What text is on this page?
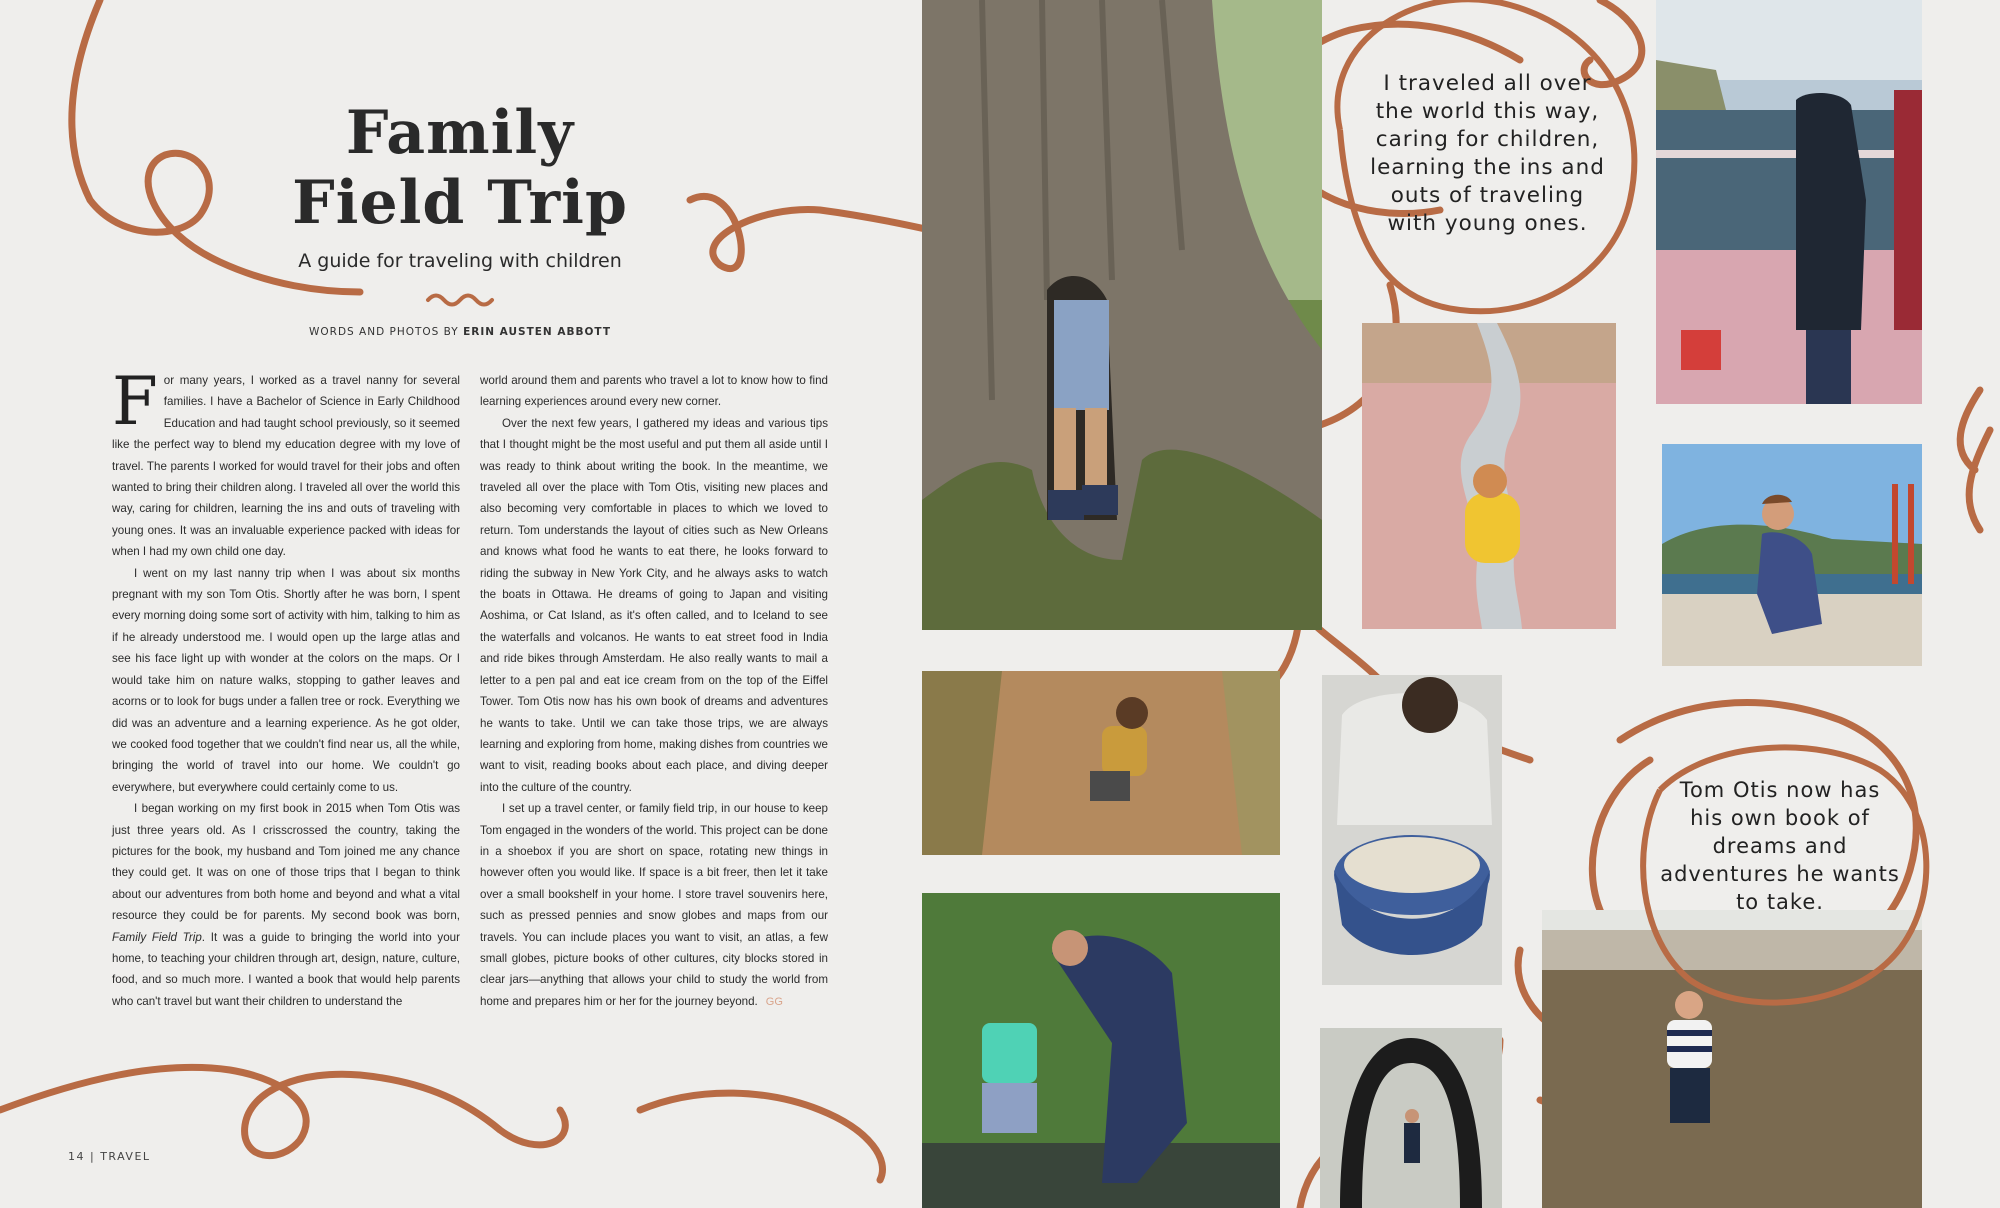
Family
Field Trip
A guide for traveling with children
WORDS AND PHOTOS BY ERIN AUSTEN ABBOTT

For many years, I worked as a travel nanny for several families. I have a Bachelor of Science in Early Childhood Education and had taught school previously, so it seemed like the perfect way to blend my education degree with my love of travel. The parents I worked for would travel for their jobs and often wanted to bring their children along. I traveled all over the world this way, caring for children, learning the ins and outs of traveling with young ones. It was an invaluable experience packed with ideas for when I had my own child one day.

I went on my last nanny trip when I was about six months pregnant with my son Tom Otis. Shortly after he was born, I spent every morning doing some sort of activity with him, talking to him as if he already understood me. I would open up the large atlas and see his face light up with wonder at the colors on the maps. Or I would take him on nature walks, stopping to gather leaves and acorns or to look for bugs under a fallen tree or rock. Everything we did was an adventure and a learning experience. As he got older, we cooked food together that we couldn't find near us, all the while, bringing the world of travel into our home. We couldn't go everywhere, but everywhere could certainly come to us.

I began working on my first book in 2015 when Tom Otis was just three years old. As I crisscrossed the country, taking the pictures for the book, my husband and Tom joined me any chance they could get. It was on one of those trips that I began to think about our adventures from both home and beyond and what a vital resource they could be for parents. My second book was born, Family Field Trip. It was a guide to bringing the world into your home, to teaching your children through art, design, nature, culture, food, and so much more. I wanted a book that would help parents who can't travel but want their children to understand the

world around them and parents who travel a lot to know how to find learning experiences around every new corner.

Over the next few years, I gathered my ideas and various tips that I thought might be the most useful and put them all aside until I was ready to think about writing the book. In the meantime, we traveled all over the place with Tom Otis, visiting new places and also becoming very comfortable in places to which we loved to return. Tom understands the layout of cities such as New Orleans and knows what food he wants to eat there, he looks forward to riding the subway in New York City, and he always asks to watch the boats in Ottawa. He dreams of going to Japan and visiting Aoshima, or Cat Island, as it's often called, and to Iceland to see the waterfalls and volcanos. He wants to eat street food in India and ride bikes through Amsterdam. He also really wants to mail a letter to a pen pal and eat ice cream from on the top of the Eiffel Tower. Tom Otis now has his own book of dreams and adventures he wants to take. Until we can take those trips, we are always learning and exploring from home, making dishes from countries we want to visit, reading books about each place, and diving deeper into the culture of the country.

I set up a travel center, or family field trip, in our house to keep Tom engaged in the wonders of the world. This project can be done in a shoebox if you are short on space, rotating new things in however often you would like. If space is a bit freer, then let it take over a small bookshelf in your home. I store travel souvenirs here, such as pressed pennies and snow globes and maps from our travels. You can include places you want to visit, an atlas, a few small globes, picture books of other cultures, city blocks stored in clear jars—anything that allows your child to study the world from home and prepares him or her for the journey beyond. GG

14 | TRAVEL
I traveled all over the world this way, caring for children, learning the ins and outs of traveling with young ones.
Tom Otis now has his own book of dreams and adventures he wants to take.
